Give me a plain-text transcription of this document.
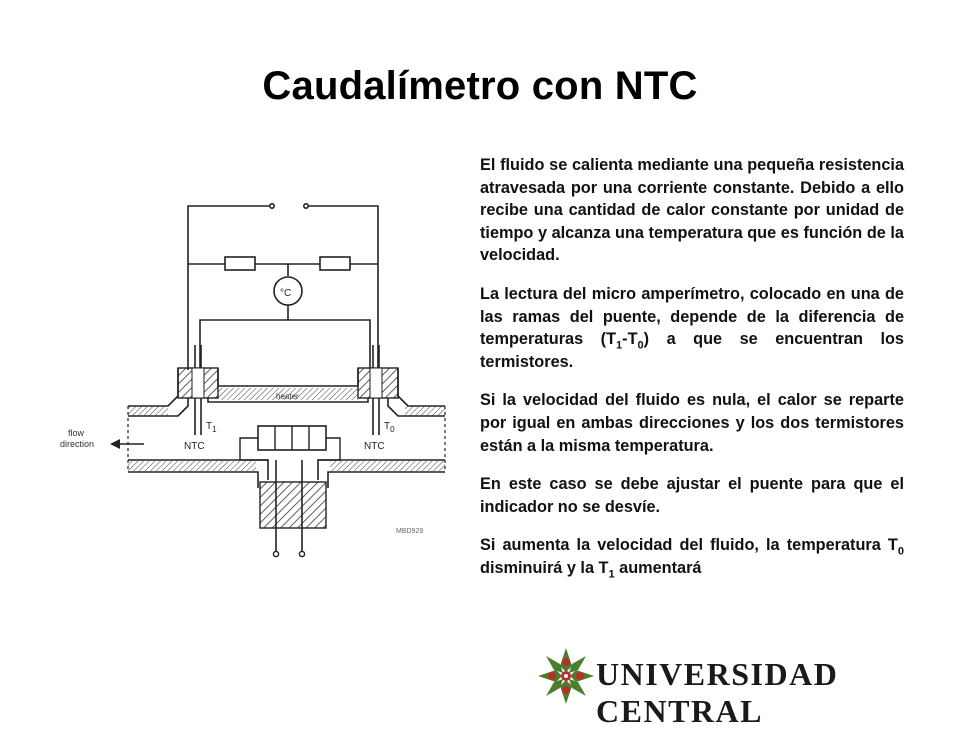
Caudalímetro con NTC
°C
heater
flow
direction	NTC	NTC
$T_1$	$T_0$
MBD929

El fluido se calienta mediante una pequeña resistencia atravesada por una corriente constante. Debido a ello recibe una cantidad de calor constante por unidad de tiempo y alcanza una temperatura que es función de la velocidad.

La lectura del micro amperímetro, colocado en una de las ramas del puente, depende de la diferencia de temperaturas $(T_1-T_0)$ a que se encuentran los termistores.

Si la velocidad del fluido es nula, el calor se reparte por igual en ambas direcciones y los dos termistores están a la misma temperatura.

En este caso se debe ajustar el puente para que el indicador no se desvíe.

Si aumenta la velocidad del fluido, la temperatura $T_0$ disminuirá y la $T_1$ aumentará

UNIVERSIDAD CENTRAL
